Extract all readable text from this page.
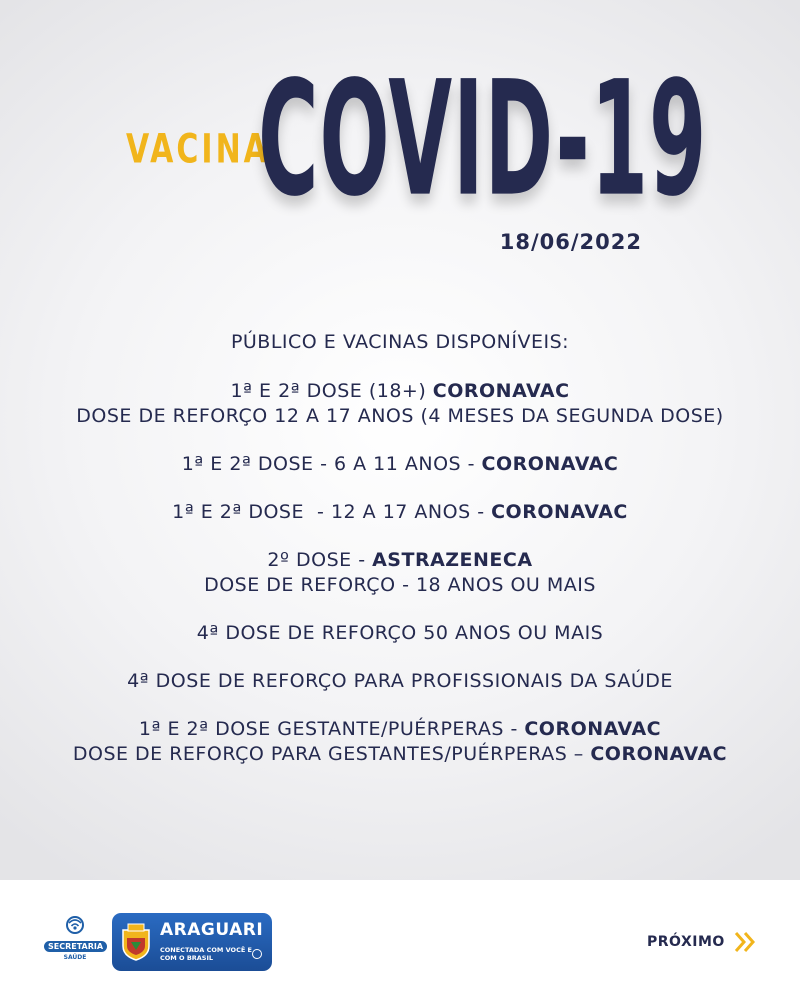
VACINA
COVID-19
18/06/2022
PÚBLICO E VACINAS DISPONÍVEIS:
1ª E 2ª DOSE (18+) CORONAVAC
DOSE DE REFORÇO 12 A 17 ANOS (4 MESES DA SEGUNDA DOSE)
1ª E 2ª DOSE - 6 A 11 ANOS - CORONAVAC
1ª E 2ª DOSE  - 12 A 17 ANOS - CORONAVAC
2º DOSE - ASTRAZENECA
DOSE DE REFORÇO - 18 ANOS OU MAIS
4ª DOSE DE REFORÇO 50 ANOS OU MAIS
4ª DOSE DE REFORÇO PARA PROFISSIONAIS DA SAÚDE
1ª E 2ª DOSE GESTANTE/PUÉRPERAS - CORONAVAC
DOSE DE REFORÇO PARA GESTANTES/PUÉRPERAS – CORONAVAC
SECRETARIA
SAÚDE
ARAGUARI
CONECTADA COM VOCÊ E COM O BRASIL
PRÓXIMO
